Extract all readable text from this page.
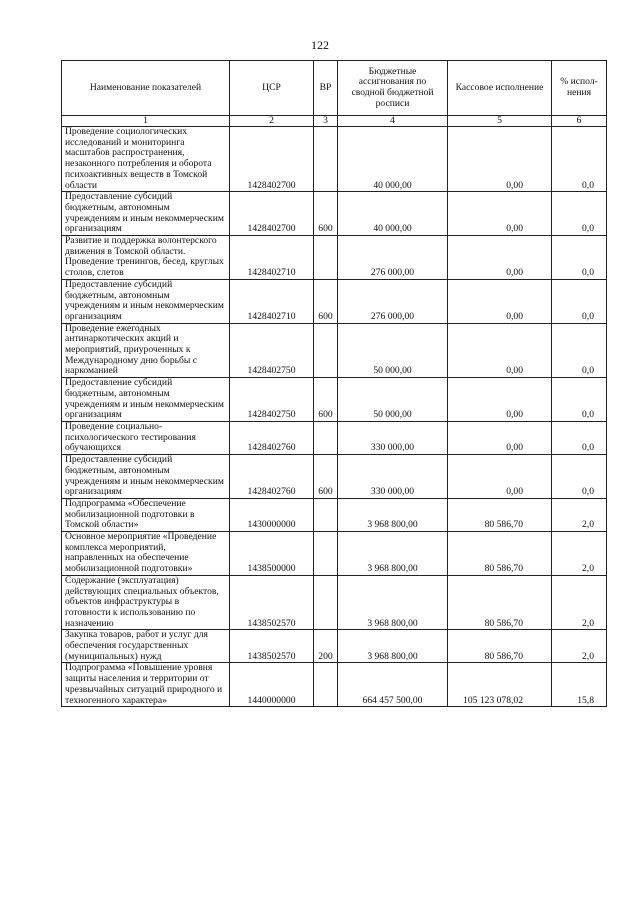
122
Наименование показателей	ЦСР	ВР	Бюджетные ассигнования по сводной бюджетной росписи	Кассовое исполнение	% испол-нения
1	2	3	4	5	6
Проведение социологических исследований и мониторинга масштабов распространения, незаконного потребления и оборота психоактивных веществ в Томской области	1428402700		40 000,00	0,00	0,0
Предоставление субсидий бюджетным, автономным учреждениям и иным некоммерческим организациям	1428402700	600	40 000,00	0,00	0,0
Развитие и поддержка волонтерского движения в Томской области. Проведение тренингов, бесед, круглых столов, слетов	1428402710		276 000,00	0,00	0,0
Предоставление субсидий бюджетным, автономным учреждениям и иным некоммерческим организациям	1428402710	600	276 000,00	0,00	0,0
Проведение ежегодных антинаркотических акций и мероприятий, приуроченных к Международному дню борьбы с наркоманией	1428402750		50 000,00	0,00	0,0
Предоставление субсидий бюджетным, автономным учреждениям и иным некоммерческим организациям	1428402750	600	50 000,00	0,00	0,0
Проведение социально-психологического тестирования обучающихся	1428402760		330 000,00	0,00	0,0
Предоставление субсидий бюджетным, автономным учреждениям и иным некоммерческим организациям	1428402760	600	330 000,00	0,00	0,0
Подпрограмма «Обеспечение мобилизационной подготовки в Томской области»	1430000000		3 968 800,00	80 586,70	2,0
Основное мероприятие «Проведение комплекса мероприятий, направленных на обеспечение мобилизационной подготовки»	1438500000		3 968 800,00	80 586,70	2,0
Содержание (эксплуатация) действующих специальных объектов, объектов инфраструктуры в готовности к использованию по назначению	1438502570		3 968 800,00	80 586,70	2,0
Закупка товаров, работ и услуг для обеспечения государственных (муниципальных) нужд	1438502570	200	3 968 800,00	80 586,70	2,0
Подпрограмма «Повышение уровня защиты населения и территории от чрезвычайных ситуаций природного и техногенного характера»	1440000000		664 457 500,00	105 123 078,02	15,8
